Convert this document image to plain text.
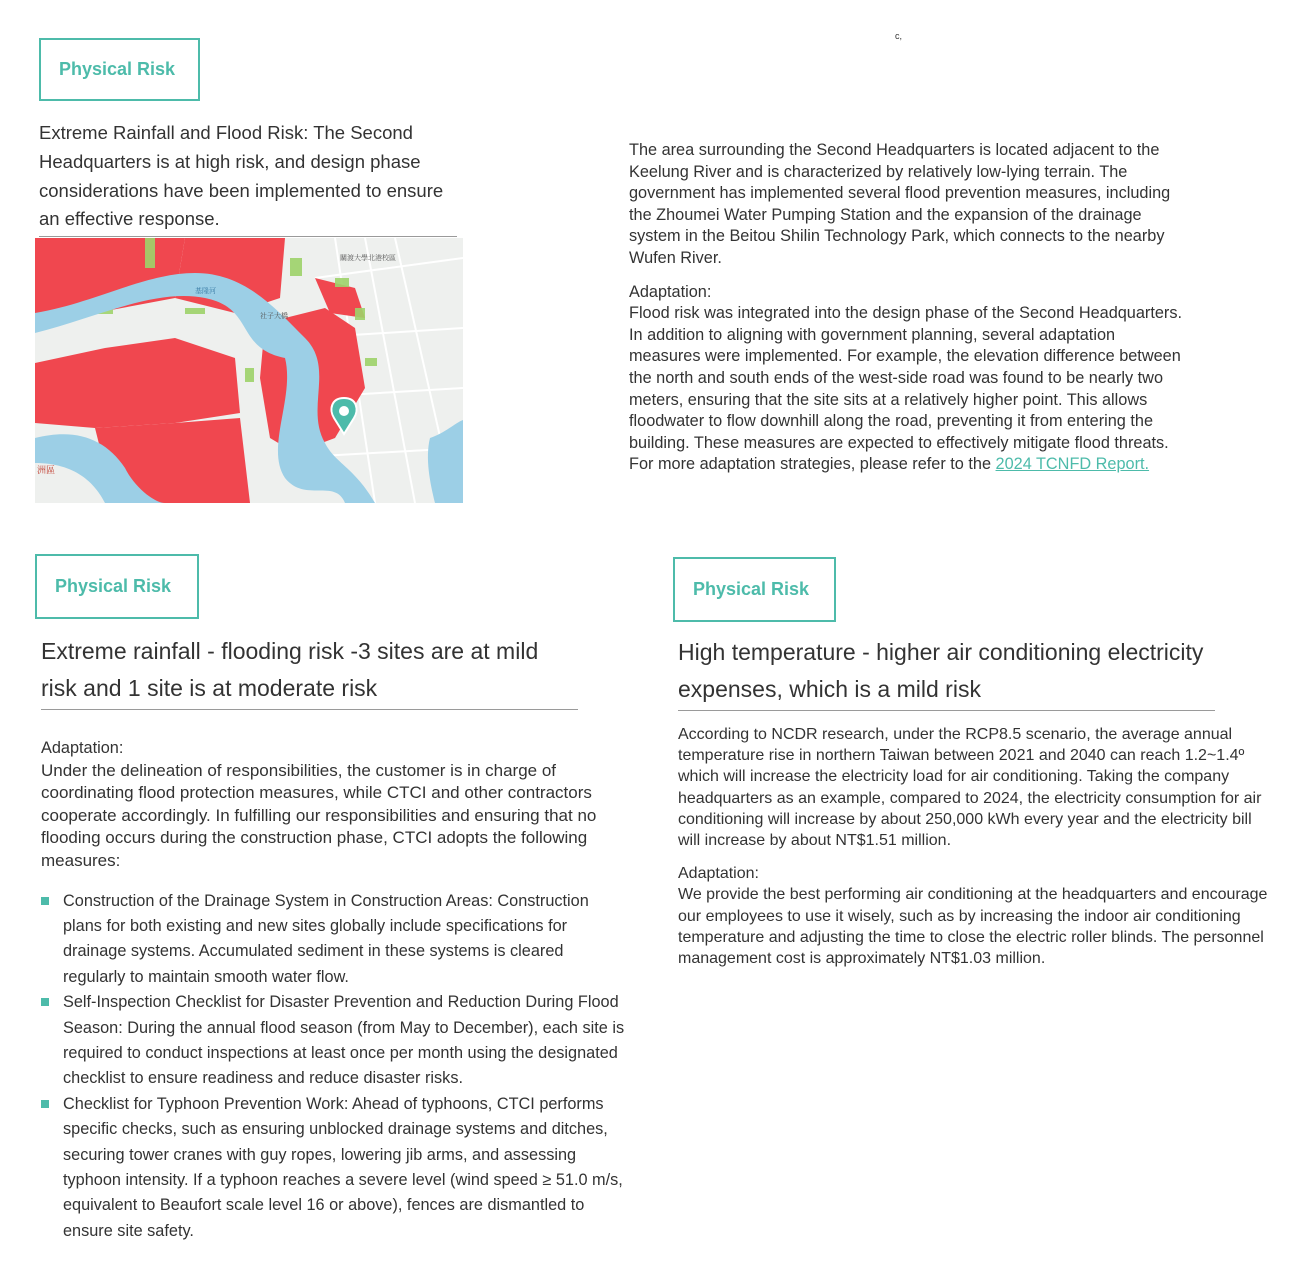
c,
Physical Risk
Extreme Rainfall and Flood Risk: The Second Headquarters is at high risk, and design phase considerations have been implemented to ensure an effective response.
關渡大學北港校區
社子大橋
洲區
基隆河

The area surrounding the Second Headquarters is located adjacent to the Keelung River and is characterized by relatively low-lying terrain. The government has implemented several flood prevention measures, including the Zhoumei Water Pumping Station and the expansion of the drainage system in the Beitou Shilin Technology Park, which connects to the nearby Wufen River.

Adaptation:

Flood risk was integrated into the design phase of the Second Headquarters. In addition to aligning with government planning, several adaptation measures were implemented. For example, the elevation difference between the north and south ends of the west-side road was found to be nearly two meters, ensuring that the site sits at a relatively higher point. This allows floodwater to flow downhill along the road, preventing it from entering the building. These measures are expected to effectively mitigate flood threats. For more adaptation strategies, please refer to the 2024 TCNFD Report.

Physical Risk
Extreme rainfall - flooding risk -3 sites are at mild risk and 1 site is at moderate risk

Adaptation:

Under the delineation of responsibilities, the customer is in charge of coordinating flood protection measures, while CTCI and other contractors cooperate accordingly. In fulfilling our responsibilities and ensuring that no flooding occurs during the construction phase, CTCI adopts the following measures:

Construction of the Drainage System in Construction Areas: Construction plans for both existing and new sites globally include specifications for drainage systems. Accumulated sediment in these systems is cleared regularly to maintain smooth water flow.
Self-Inspection Checklist for Disaster Prevention and Reduction During Flood Season: During the annual flood season (from May to December), each site is required to conduct inspections at least once per month using the designated checklist to ensure readiness and reduce disaster risks.
Checklist for Typhoon Prevention Work: Ahead of typhoons, CTCI performs specific checks, such as ensuring unblocked drainage systems and ditches, securing tower cranes with guy ropes, lowering jib arms, and assessing typhoon intensity. If a typhoon reaches a severe level (wind speed ≥ 51.0 m/s, equivalent to Beaufort scale level 16 or above), fences are dismantled to ensure site safety.
Physical Risk
High temperature - higher air conditioning electricity expenses, which is a mild risk

According to NCDR research, under the RCP8.5 scenario, the average annual temperature rise in northern Taiwan between 2021 and 2040 can reach 1.2~1.4º which will increase the electricity load for air conditioning. Taking the company headquarters as an example, compared to 2024, the electricity consumption for air conditioning will increase by about 250,000 kWh every year and the electricity bill will increase by about NT$1.51 million.

Adaptation:

We provide the best performing air conditioning at the headquarters and encourage our employees to use it wisely, such as by increasing the indoor air conditioning temperature and adjusting the time to close the electric roller blinds. The personnel management cost is approximately NT$1.03 million.
